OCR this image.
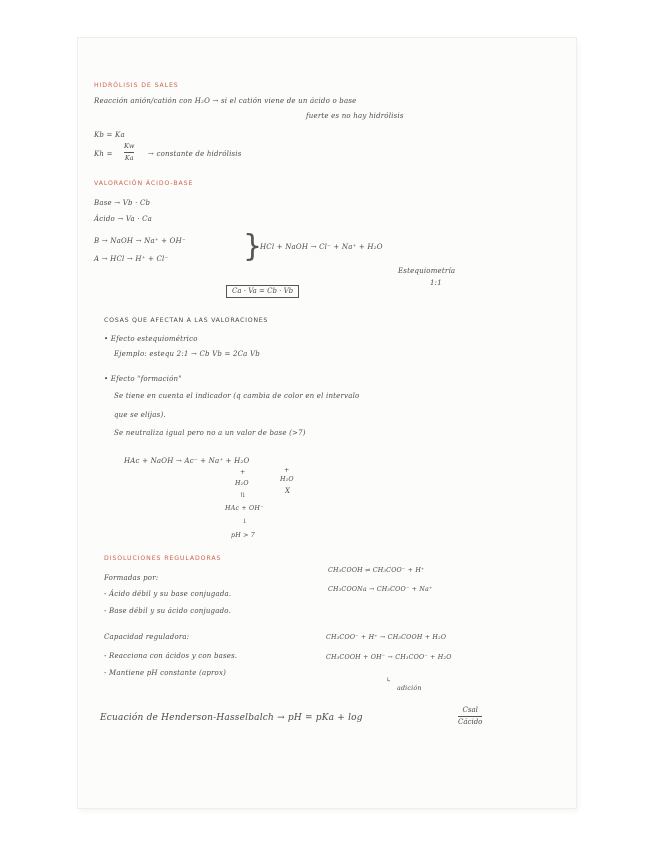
HIDRÓLISIS DE SALES
Reacción anión/catión con H₂O → si el catión viene de un ácido o base
fuerte es no hay hidrólisis
Kb = Ka
Kh =
Kw
Ka → constante de hidrólisis
VALORACIÓN ÁCIDO-BASE
Base → Vb · Cb
Ácido → Va · Ca
B → NaOH → Na⁺ + OH⁻
A → HCl → H⁺ + Cl⁻ }
HCl + NaOH → Cl⁻ + Na⁺ + H₂O
Estequiometría
1:1
Ca · Va = Cb · Vb
COSAS QUE AFECTAN A LAS VALORACIONES
• Efecto estequiométrico
Ejemplo: estequ 2:1 → Cb Vb = 2Ca Vb
• Efecto "formación"
Se tiene en cuenta el indicador (q cambia de color en el intervalo
que se elijas).
Se neutraliza igual pero no a un valor de base (>7)
HAc + NaOH → Ac⁻ + Na⁺ + H₂O
+	+
H₂O
H₂O
X
⇅
HAc + OH⁻
↓
pH > 7
DISOLUCIONES REGULADORAS
Formadas por:
- Ácido débil y su base conjugada.
- Base débil y su ácido conjugado.
CH₃COOH ⇌ CH₃COO⁻ + H⁺
CH₃COONa → CH₃COO⁻ + Na⁺
Capacidad reguladora:
- Reacciona con ácidos y con bases.
- Mantiene pH constante (aprox)
CH₃COO⁻ + H⁺ → CH₃COOH + H₂O
CH₃COOH + OH⁻ → CH₃COO⁻ + H₂O
↳
adición
Ecuación de Henderson-Hasselbalch → pH = pKa + log
Csal
Cácido
